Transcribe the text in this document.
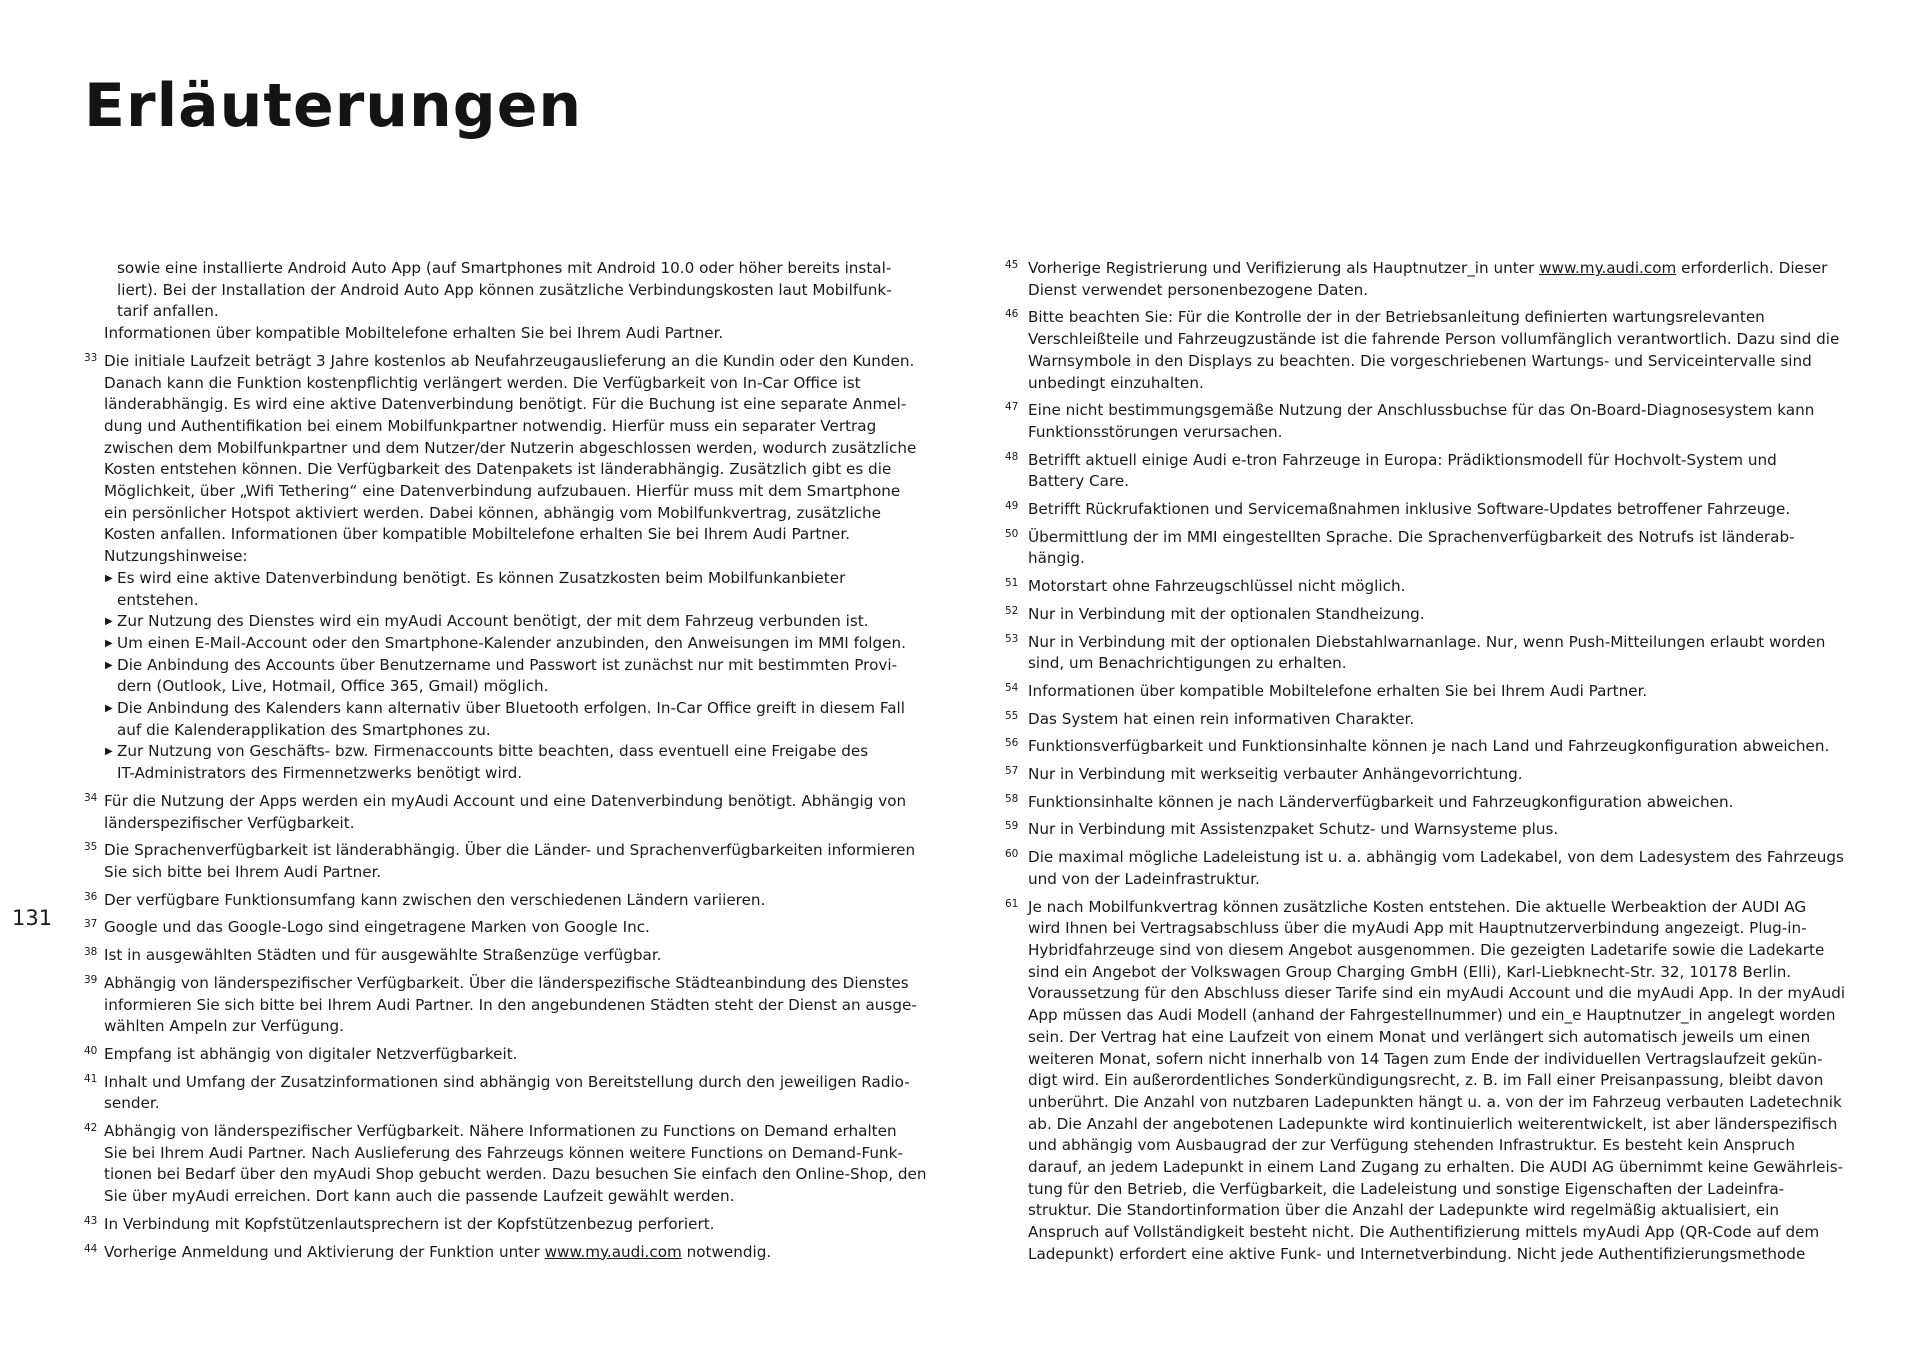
Erläuterungen
131
sowie eine installierte Android Auto App (auf Smartphones mit Android 10.0 oder höher bereits instal-
liert). Bei der Installation der Android Auto App können zusätzliche Verbindungskosten laut Mobilfunk-
tarif anfallen.
Informationen über kompatible Mobiltelefone erhalten Sie bei Ihrem Audi Partner.
33 Die initiale Laufzeit beträgt 3 Jahre kostenlos ab Neufahrzeugauslieferung an die Kundin oder den Kunden.
Danach kann die Funktion kostenpflichtig verlängert werden. Die Verfügbarkeit von In-Car Office ist
länderabhängig. Es wird eine aktive Datenverbindung benötigt. Für die Buchung ist eine separate Anmel-
dung und Authentifikation bei einem Mobilfunkpartner notwendig. Hierfür muss ein separater Vertrag
zwischen dem Mobilfunkpartner und dem Nutzer/der Nutzerin abgeschlossen werden, wodurch zusätzliche
Kosten entstehen können. Die Verfügbarkeit des Datenpakets ist länderabhängig. Zusätzlich gibt es die
Möglichkeit, über „Wifi Tethering“ eine Datenverbindung aufzubauen. Hierfür muss mit dem Smartphone
ein persönlicher Hotspot aktiviert werden. Dabei können, abhängig vom Mobilfunkvertrag, zusätzliche
Kosten anfallen. Informationen über kompatible Mobiltelefone erhalten Sie bei Ihrem Audi Partner.
Nutzungshinweise:
▶ Es wird eine aktive Datenverbindung benötigt. Es können Zusatzkosten beim Mobilfunkanbieter
entstehen.
▶ Zur Nutzung des Dienstes wird ein myAudi Account benötigt, der mit dem Fahrzeug verbunden ist.
▶ Um einen E-Mail-Account oder den Smartphone-Kalender anzubinden, den Anweisungen im MMI folgen.
▶ Die Anbindung des Accounts über Benutzername und Passwort ist zunächst nur mit bestimmten Provi-
dern (Outlook, Live, Hotmail, Office 365, Gmail) möglich.
▶ Die Anbindung des Kalenders kann alternativ über Bluetooth erfolgen. In-Car Office greift in diesem Fall
auf die Kalenderapplikation des Smartphones zu.
▶ Zur Nutzung von Geschäfts- bzw. Firmenaccounts bitte beachten, dass eventuell eine Freigabe des
IT-Administrators des Firmennetzwerks benötigt wird.
34 Für die Nutzung der Apps werden ein myAudi Account und eine Datenverbindung benötigt. Abhängig von
länderspezifischer Verfügbarkeit.
35 Die Sprachenverfügbarkeit ist länderabhängig. Über die Länder- und Sprachenverfügbarkeiten informieren
Sie sich bitte bei Ihrem Audi Partner.
36 Der verfügbare Funktionsumfang kann zwischen den verschiedenen Ländern variieren.
37 Google und das Google-Logo sind eingetragene Marken von Google Inc.
38 Ist in ausgewählten Städten und für ausgewählte Straßenzüge verfügbar.
39 Abhängig von länderspezifischer Verfügbarkeit. Über die länderspezifische Städteanbindung des Dienstes
informieren Sie sich bitte bei Ihrem Audi Partner. In den angebundenen Städten steht der Dienst an ausge-
wählten Ampeln zur Verfügung.
40 Empfang ist abhängig von digitaler Netzverfügbarkeit.
41 Inhalt und Umfang der Zusatzinformationen sind abhängig von Bereitstellung durch den jeweiligen Radio-
sender.
42 Abhängig von länderspezifischer Verfügbarkeit. Nähere Informationen zu Functions on Demand erhalten
Sie bei Ihrem Audi Partner. Nach Auslieferung des Fahrzeugs können weitere Functions on Demand-Funk-
tionen bei Bedarf über den myAudi Shop gebucht werden. Dazu besuchen Sie einfach den Online-Shop, den
Sie über myAudi erreichen. Dort kann auch die passende Laufzeit gewählt werden.
43 In Verbindung mit Kopfstützenlautsprechern ist der Kopfstützenbezug perforiert.
44 Vorherige Anmeldung und Aktivierung der Funktion unter www.my.audi.com notwendig.
45 Vorherige Registrierung und Verifizierung als Hauptnutzer_in unter www.my.audi.com erforderlich. Dieser
Dienst verwendet personenbezogene Daten.
46 Bitte beachten Sie: Für die Kontrolle der in der Betriebsanleitung definierten wartungsrelevanten
Verschleißteile und Fahrzeugzustände ist die fahrende Person vollumfänglich verantwortlich. Dazu sind die
Warnsymbole in den Displays zu beachten. Die vorgeschriebenen Wartungs- und Serviceintervalle sind
unbedingt einzuhalten.
47 Eine nicht bestimmungsgemäße Nutzung der Anschlussbuchse für das On-Board-Diagnosesystem kann
Funktionsstörungen verursachen.
48 Betrifft aktuell einige Audi e-tron Fahrzeuge in Europa: Prädiktionsmodell für Hochvolt-System und
Battery Care.
49 Betrifft Rückrufaktionen und Servicemaßnahmen inklusive Software-Updates betroffener Fahrzeuge.
50 Übermittlung der im MMI eingestellten Sprache. Die Sprachenverfügbarkeit des Notrufs ist länderab-
hängig.
51 Motorstart ohne Fahrzeugschlüssel nicht möglich.
52 Nur in Verbindung mit der optionalen Standheizung.
53 Nur in Verbindung mit der optionalen Diebstahlwarnanlage. Nur, wenn Push-Mitteilungen erlaubt worden
sind, um Benachrichtigungen zu erhalten.
54 Informationen über kompatible Mobiltelefone erhalten Sie bei Ihrem Audi Partner.
55 Das System hat einen rein informativen Charakter.
56 Funktionsverfügbarkeit und Funktionsinhalte können je nach Land und Fahrzeugkonfiguration abweichen.
57 Nur in Verbindung mit werkseitig verbauter Anhängevorrichtung.
58 Funktionsinhalte können je nach Länderverfügbarkeit und Fahrzeugkonfiguration abweichen.
59 Nur in Verbindung mit Assistenzpaket Schutz- und Warnsysteme plus.
60 Die maximal mögliche Ladeleistung ist u. a. abhängig vom Ladekabel, von dem Ladesystem des Fahrzeugs
und von der Ladeinfrastruktur.
61 Je nach Mobilfunkvertrag können zusätzliche Kosten entstehen. Die aktuelle Werbeaktion der AUDI AG
wird Ihnen bei Vertragsabschluss über die myAudi App mit Hauptnutzerverbindung angezeigt. Plug-in-
Hybridfahrzeuge sind von diesem Angebot ausgenommen. Die gezeigten Ladetarife sowie die Ladekarte
sind ein Angebot der Volkswagen Group Charging GmbH (Elli), Karl-Liebknecht-Str. 32, 10178 Berlin.
Voraussetzung für den Abschluss dieser Tarife sind ein myAudi Account und die myAudi App. In der myAudi
App müssen das Audi Modell (anhand der Fahrgestellnummer) und ein_e Hauptnutzer_in angelegt worden
sein. Der Vertrag hat eine Laufzeit von einem Monat und verlängert sich automatisch jeweils um einen
weiteren Monat, sofern nicht innerhalb von 14 Tagen zum Ende der individuellen Vertragslaufzeit gekün-
digt wird. Ein außerordentliches Sonderkündigungsrecht, z. B. im Fall einer Preisanpassung, bleibt davon
unberührt. Die Anzahl von nutzbaren Ladepunkten hängt u. a. von der im Fahrzeug verbauten Ladetechnik
ab. Die Anzahl der angebotenen Ladepunkte wird kontinuierlich weiterentwickelt, ist aber länderspezifisch
und abhängig vom Ausbaugrad der zur Verfügung stehenden Infrastruktur. Es besteht kein Anspruch
darauf, an jedem Ladepunkt in einem Land Zugang zu erhalten. Die AUDI AG übernimmt keine Gewährleis-
tung für den Betrieb, die Verfügbarkeit, die Ladeleistung und sonstige Eigenschaften der Ladeinfra-
struktur. Die Standortinformation über die Anzahl der Ladepunkte wird regelmäßig aktualisiert, ein
Anspruch auf Vollständigkeit besteht nicht. Die Authentifizierung mittels myAudi App (QR-Code auf dem
Ladepunkt) erfordert eine aktive Funk- und Internetverbindung. Nicht jede Authentifizierungsmethode
